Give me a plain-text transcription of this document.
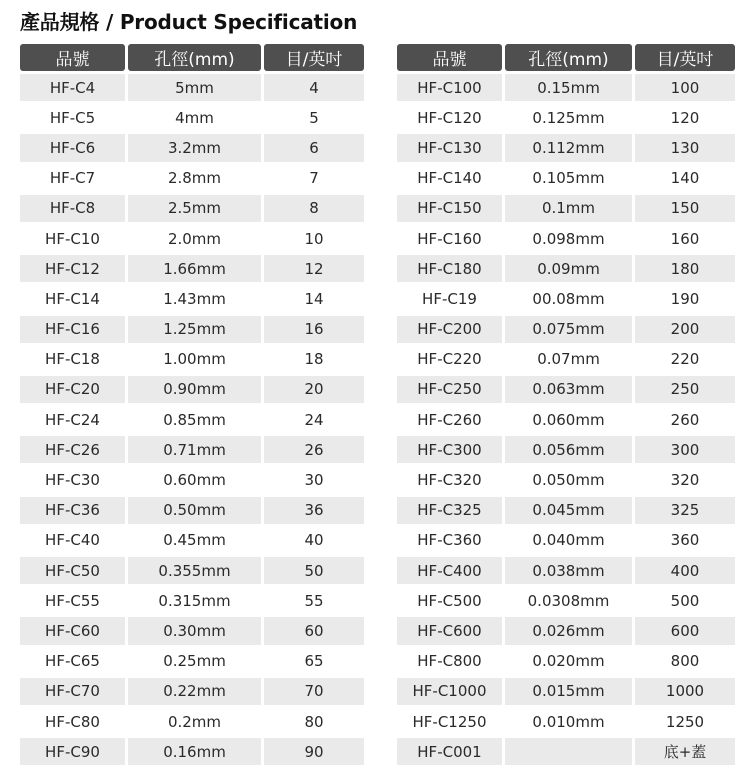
產品規格 / Product Specification
品號	孔徑(mm)	目/英吋
HF-C4	5mm	4
HF-C5	4mm	5
HF-C6	3.2mm	6
HF-C7	2.8mm	7
HF-C8	2.5mm	8
HF-C10	2.0mm	10
HF-C12	1.66mm	12
HF-C14	1.43mm	14
HF-C16	1.25mm	16
HF-C18	1.00mm	18
HF-C20	0.90mm	20
HF-C24	0.85mm	24
HF-C26	0.71mm	26
HF-C30	0.60mm	30
HF-C36	0.50mm	36
HF-C40	0.45mm	40
HF-C50	0.355mm	50
HF-C55	0.315mm	55
HF-C60	0.30mm	60
HF-C65	0.25mm	65
HF-C70	0.22mm	70
HF-C80	0.2mm	80
HF-C90	0.16mm	90
品號	孔徑(mm)	目/英吋
HF-C100	0.15mm	100
HF-C120	0.125mm	120
HF-C130	0.112mm	130
HF-C140	0.105mm	140
HF-C150	0.1mm	150
HF-C160	0.098mm	160
HF-C180	0.09mm	180
HF-C19	00.08mm	190
HF-C200	0.075mm	200
HF-C220	0.07mm	220
HF-C250	0.063mm	250
HF-C260	0.060mm	260
HF-C300	0.056mm	300
HF-C320	0.050mm	320
HF-C325	0.045mm	325
HF-C360	0.040mm	360
HF-C400	0.038mm	400
HF-C500	0.0308mm	500
HF-C600	0.026mm	600
HF-C800	0.020mm	800
HF-C1000	0.015mm	1000
HF-C1250	0.010mm	1250
HF-C001		底+蓋
